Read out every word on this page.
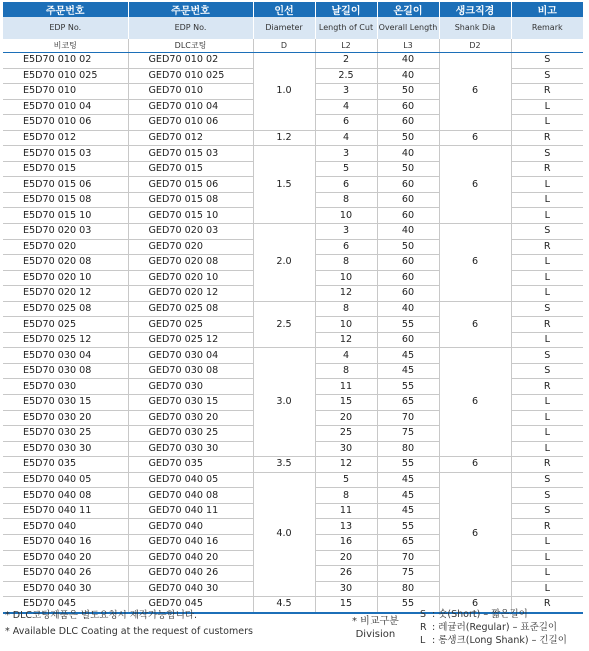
주문번호	주문번호	인선	날길이	온길이	생크직경	비고
EDP No.	EDP No.	Diameter	Length of Cut	Overall Length	Shank Dia	Remark
비코팅	DLC코팅	D	L2	L3	D2	
E5D70 010 02	GED70 010 02	1.0	2	40	6	S
E5D70 010 025	GED70 010 025		2.5	40		S
E5D70 010	GED70 010		3	50		R
E5D70 010 04	GED70 010 04		4	60		L
E5D70 010 06	GED70 010 06		6	60		L
E5D70 012	GED70 012	1.2	4	50	6	R
E5D70 015 03	GED70 015 03	1.5	3	40	6	S
E5D70 015	GED70 015		5	50		R
E5D70 015 06	GED70 015 06		6	60		L
E5D70 015 08	GED70 015 08		8	60		L
E5D70 015 10	GED70 015 10		10	60		L
E5D70 020 03	GED70 020 03	2.0	3	40	6	S
E5D70 020	GED70 020		6	50		R
E5D70 020 08	GED70 020 08		8	60		L
E5D70 020 10	GED70 020 10		10	60		L
E5D70 020 12	GED70 020 12		12	60		L
E5D70 025 08	GED70 025 08	2.5	8	40	6	S
E5D70 025	GED70 025		10	55		R
E5D70 025 12	GED70 025 12		12	60		L
E5D70 030 04	GED70 030 04	3.0	4	45	6	S
E5D70 030 08	GED70 030 08		8	45		S
E5D70 030	GED70 030		11	55		R
E5D70 030 15	GED70 030 15		15	65		L
E5D70 030 20	GED70 030 20		20	70		L
E5D70 030 25	GED70 030 25		25	75		L
E5D70 030 30	GED70 030 30		30	80		L
E5D70 035	GED70 035	3.5	12	55	6	R
E5D70 040 05	GED70 040 05	4.0	5	45	6	S
E5D70 040 08	GED70 040 08		8	45		S
E5D70 040 11	GED70 040 11		11	45		S
E5D70 040	GED70 040		13	55		R
E5D70 040 16	GED70 040 16		16	65		L
E5D70 040 20	GED70 040 20		20	70		L
E5D70 040 26	GED70 040 26		26	75		L
E5D70 040 30	GED70 040 30		30	80		L
E5D70 045	GED70 045	4.5	15	55	6	R
* DLC코팅제품은 별도요청시 제작가능합니다.
* Available DLC Coating at the request of customers
* 비교구분
Division
S : 숏(Short) – 짧은길이
R : 레귤러(Regular) – 표준길이
L : 롱생크(Long Shank) – 긴길이
